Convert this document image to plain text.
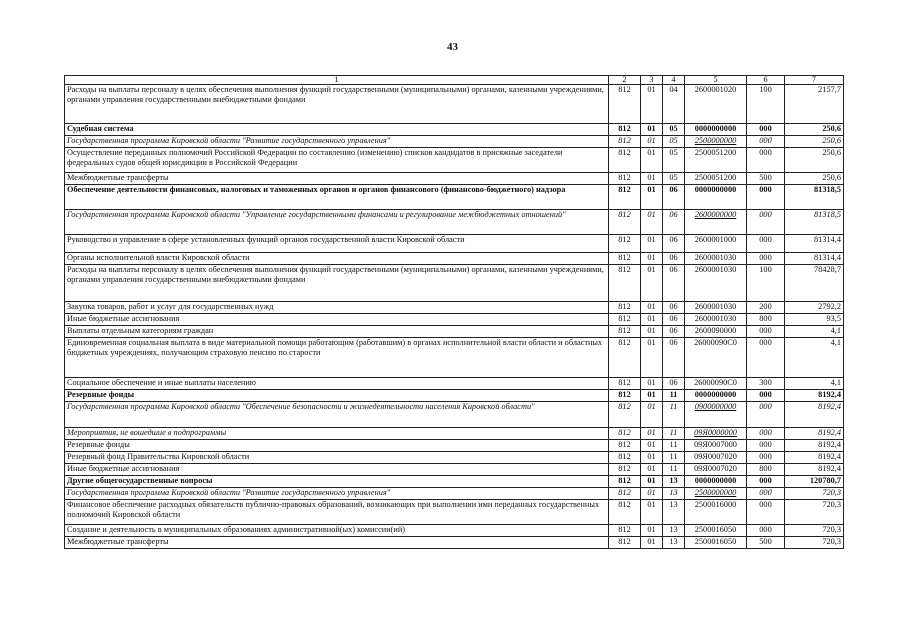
43
1	2	3	4	5	6	7
Расходы на выплаты персоналу в целях обеспечения выполнения функций государственными (муниципальными) органами, казенными учреждениями, органами управления государственными внебюджетными фондами	812	01	04	2600001020	100	2157,7
Судебная система	812	01	05	0000000000	000	250,6
Государственная программа Кировской области "Развитие государственного управления"	812	01	05	2500000000	000	250,6
Осуществление переданных полномочий Российской Федерации по составлению (изменению) списков кандидатов в присяжные заседатели федеральных судов общей юрисдикции в Российской Федерации	812	01	05	2500051200	000	250,6
Межбюджетные трансферты	812	01	05	2500051200	500	250,6
Обеспечение деятельности финансовых, налоговых и таможенных органов и органов финансового (финансово-бюджетного) надзора	812	01	06	0000000000	000	81318,5
Государственная программа Кировской области "Управление государственными финансами и регулирование межбюджетных отношений"	812	01	06	2600000000	000	81318,5
Руководство и управление в сфере установленных функций органов государственной власти Кировской области	812	01	06	2600001000	000	81314,4
Органы исполнительной власти Кировской области	812	01	06	2600001030	000	81314,4
Расходы на выплаты персоналу в целях обеспечения выполнения функций государственными (муниципальными) органами, казенными учреждениями, органами управления государственными внебюджетными фондами	812	01	06	2600001030	100	78428,7
Закупка товаров, работ и услуг для государственных нужд	812	01	06	2600001030	200	2792,2
Иные бюджетные ассигнования	812	01	06	2600001030	800	93,5
Выплаты отдельным категориям граждан	812	01	06	2600090000	000	4,1
Единовременная социальная выплата в виде материальной помощи работающим (работавшим) в органах исполнительной власти области и областных бюджетных учреждениях, получающим страховую пенсию по старости	812	01	06	26000090C0	000	4,1
Социальное обеспечение и иные выплаты населению	812	01	06	26000090C0	300	4,1
Резервные фонды	812	01	11	0000000000	000	8192,4
Государственная программа Кировской области "Обеспечение безопасности и жизнедеятельности населения Кировской области"	812	01	11	0900000000	000	8192,4
Мероприятия, не вошедшие в подпрограммы	812	01	11	09Я0000000	000	8192,4
Резервные фонды	812	01	11	09Я0007000	000	8192,4
Резервный фонд Правительства Кировской области	812	01	11	09Я0007020	000	8192,4
Иные бюджетные ассигнования	812	01	11	09Я0007020	800	8192,4
Другие общегосударственные вопросы	812	01	13	0000000000	000	120780,7
Государственная программа Кировской области "Развитие государственного управления"	812	01	13	2500000000	000	720,3
Финансовое обеспечение расходных обязательств публично-правовых образований, возникающих при выполнении ими переданных государственных полномочий Кировской области	812	01	13	2500016000	000	720,3
Создание и деятельность в муниципальных образованиях административной(ых) комиссии(ий)	812	01	13	2500016050	000	720,3
Межбюджетные трансферты	812	01	13	2500016050	500	720,3
